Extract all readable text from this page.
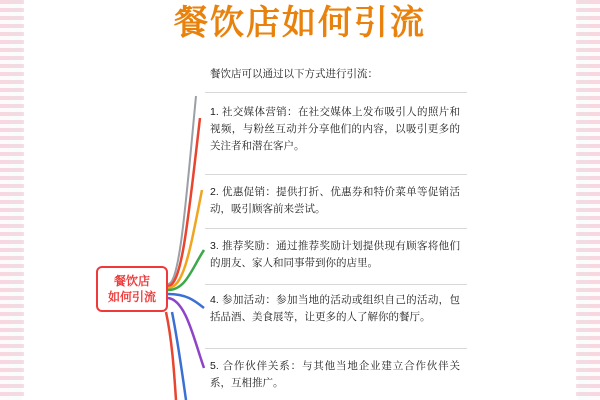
餐饮店如何引流
餐饮店
如何引流
餐饮店可以通过以下方式进行引流：
1. 社交媒体营销：在社交媒体上发布吸引人的照片和视频，与粉丝互动并分享他们的内容，以吸引更多的关注者和潜在客户。
2. 优惠促销：提供打折、优惠券和特价菜单等促销活动，吸引顾客前来尝试。
3. 推荐奖励：通过推荐奖励计划提供现有顾客将他们的朋友、家人和同事带到你的店里。
4. 参加活动：参加当地的活动或组织自己的活动，包括品酒、美食展等，让更多的人了解你的餐厅。
5. 合作伙伴关系：与其他当地企业建立合作伙伴关系，互相推广。
